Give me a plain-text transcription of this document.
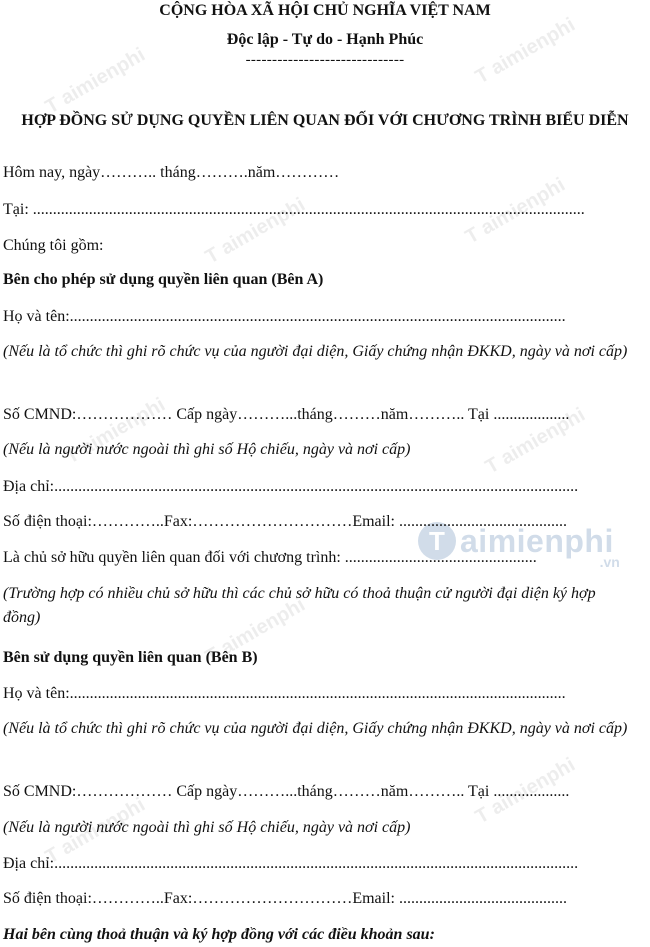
T aimienphi
T aimienphi
T aimienphi	T aimienphi
T aimienphi	T aimienphi
T aimienphi
T aimienphi
T aimienphi
T aimienphi
.vn
CỘNG HÒA XÃ HỘI CHỦ NGHĨA VIỆT NAM
Độc lập - Tự do - Hạnh Phúc
------------------------------
HỢP ĐỒNG SỬ DỤNG QUYỀN LIÊN QUAN ĐỐI VỚI CHƯƠNG TRÌNH BIỂU DIỄN
Hôm nay, ngày……….. tháng……….năm…………
Tại: ..........................................................................................................................................
Chúng tôi gồm:
Bên cho phép sử dụng quyền liên quan (Bên A)
Họ và tên:............................................................................................................................
(Nếu là tổ chức thì ghi rõ chức vụ của người đại diện, Giấy chứng nhận ĐKKD, ngày và nơi cấp)
Số CMND:……………… Cấp ngày………...tháng………năm……….. Tại ...................
(Nếu là người nước ngoài thì ghi số Hộ chiếu, ngày và nơi cấp)
Địa chỉ:...................................................................................................................................
Số điện thoại:…………..Fax:…………………………Email: ..........................................
Là chủ sở hữu quyền liên quan đối với chương trình: ................................................
(Trường hợp có nhiều chủ sở hữu thì các chủ sở hữu có thoả thuận cử người đại diện ký hợp đồng)
Bên sử dụng quyền liên quan (Bên B)
Họ và tên:............................................................................................................................
(Nếu là tổ chức thì ghi rõ chức vụ của người đại diện, Giấy chứng nhận ĐKKD, ngày và nơi cấp)
Số CMND:……………… Cấp ngày………...tháng………năm……….. Tại ...................
(Nếu là người nước ngoài thì ghi số Hộ chiếu, ngày và nơi cấp)
Địa chỉ:...................................................................................................................................
Số điện thoại:…………..Fax:…………………………Email: ..........................................
Hai bên cùng thoả thuận và ký hợp đồng với các điều khoản sau:
